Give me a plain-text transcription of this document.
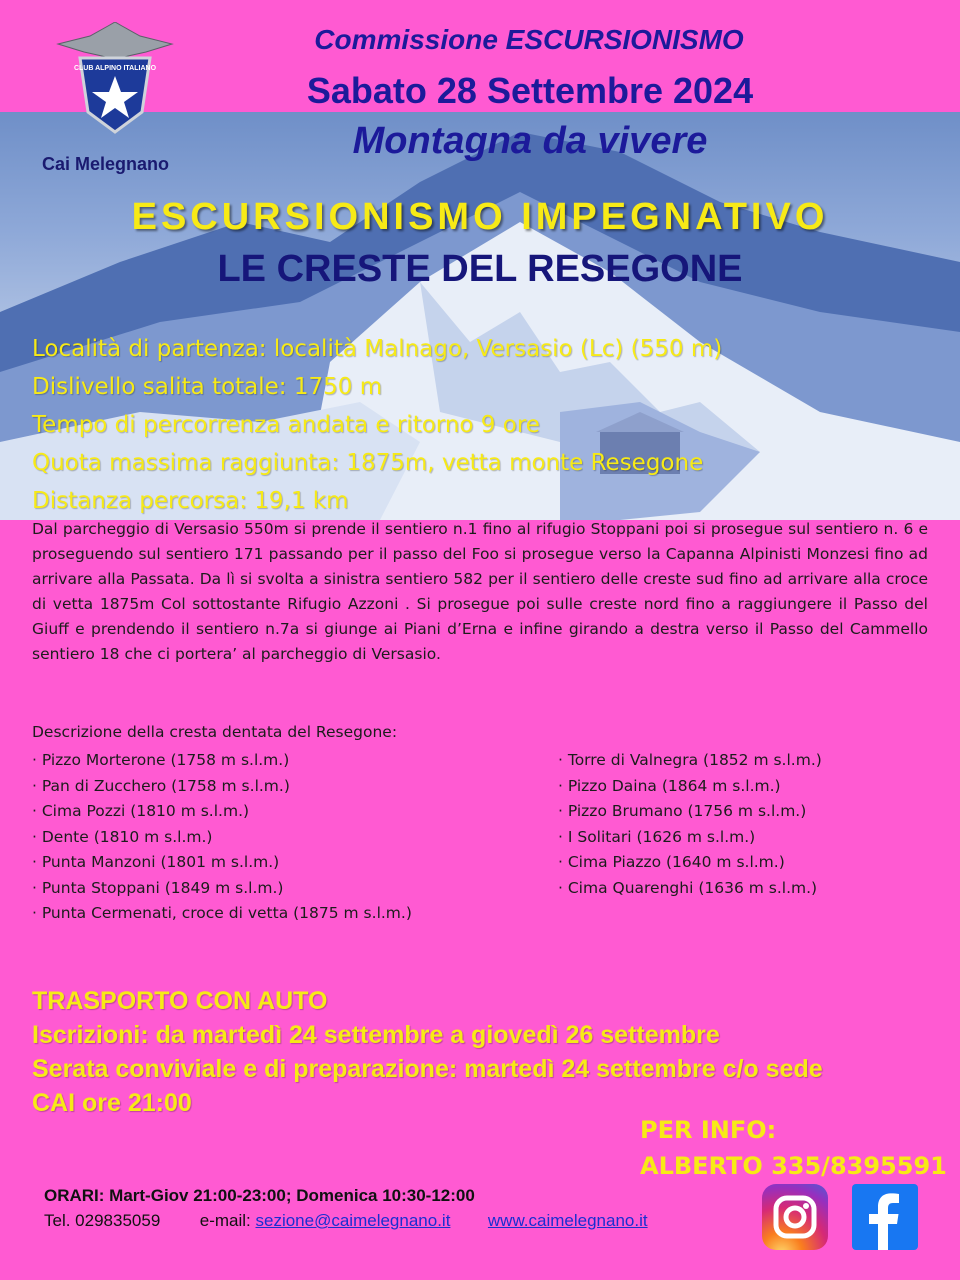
CLUB ALPINO ITALIANO
Cai Melegnano
Commissione ESCURSIONISMO
Sabato 28 Settembre 2024
Montagna da vivere
ESCURSIONISMO IMPEGNATIVO
LE CRESTE DEL RESEGONE
Località di partenza: località Malnago, Versasio (Lc) (550 m)
Dislivello salita totale: 1750 m
Tempo di percorrenza andata e ritorno 9 ore
Quota massima raggiunta: 1875m, vetta monte Resegone
Distanza percorsa: 19,1 km

Dal parcheggio di Versasio 550m si prende il sentiero n.1 fino al rifugio Stoppani poi si prosegue sul sentiero n. 6 e proseguendo sul sentiero 171 passando per il passo del Foo si prosegue verso la Capanna Alpinisti Monzesi fino ad arrivare alla Passata. Da lì si svolta a sinistra sentiero 582 per il sentiero delle creste sud fino ad arrivare alla croce di vetta 1875m Col sottostante Rifugio Azzoni . Si prosegue poi sulle creste nord fino a raggiungere il Passo del Giuff e prendendo il sentiero n.7a si giunge ai Piani d’Erna e infine girando a destra verso il Passo del Cammello sentiero 18 che ci portera’ al parcheggio di Versasio.

Descrizione della cresta dentata del Resegone:
· Pizzo Morterone (1758 m s.l.m.)
· Pan di Zucchero (1758 m s.l.m.)
· Cima Pozzi (1810 m s.l.m.)
· Dente (1810 m s.l.m.)
· Punta Manzoni (1801 m s.l.m.)
· Punta Stoppani (1849 m s.l.m.)
· Punta Cermenati, croce di vetta (1875 m s.l.m.)
· Torre di Valnegra (1852 m s.l.m.)
· Pizzo Daina (1864 m s.l.m.)
· Pizzo Brumano (1756 m s.l.m.)
· I Solitari (1626 m s.l.m.)
· Cima Piazzo (1640 m s.l.m.)
· Cima Quarenghi (1636 m s.l.m.)
TRASPORTO CON AUTO
Iscrizioni: da martedì 24 settembre a giovedì 26 settembre
Serata conviviale e di preparazione: martedì 24 settembre c/o sede
CAI ore 21:00
PER INFO:
ALBERTO 335/8395591
ORARI: Mart-Giov 21:00-23:00; Domenica 10:30-12:00
Tel. 029835059 e-mail: sezione@caimelegnano.it www.caimelegnano.it
